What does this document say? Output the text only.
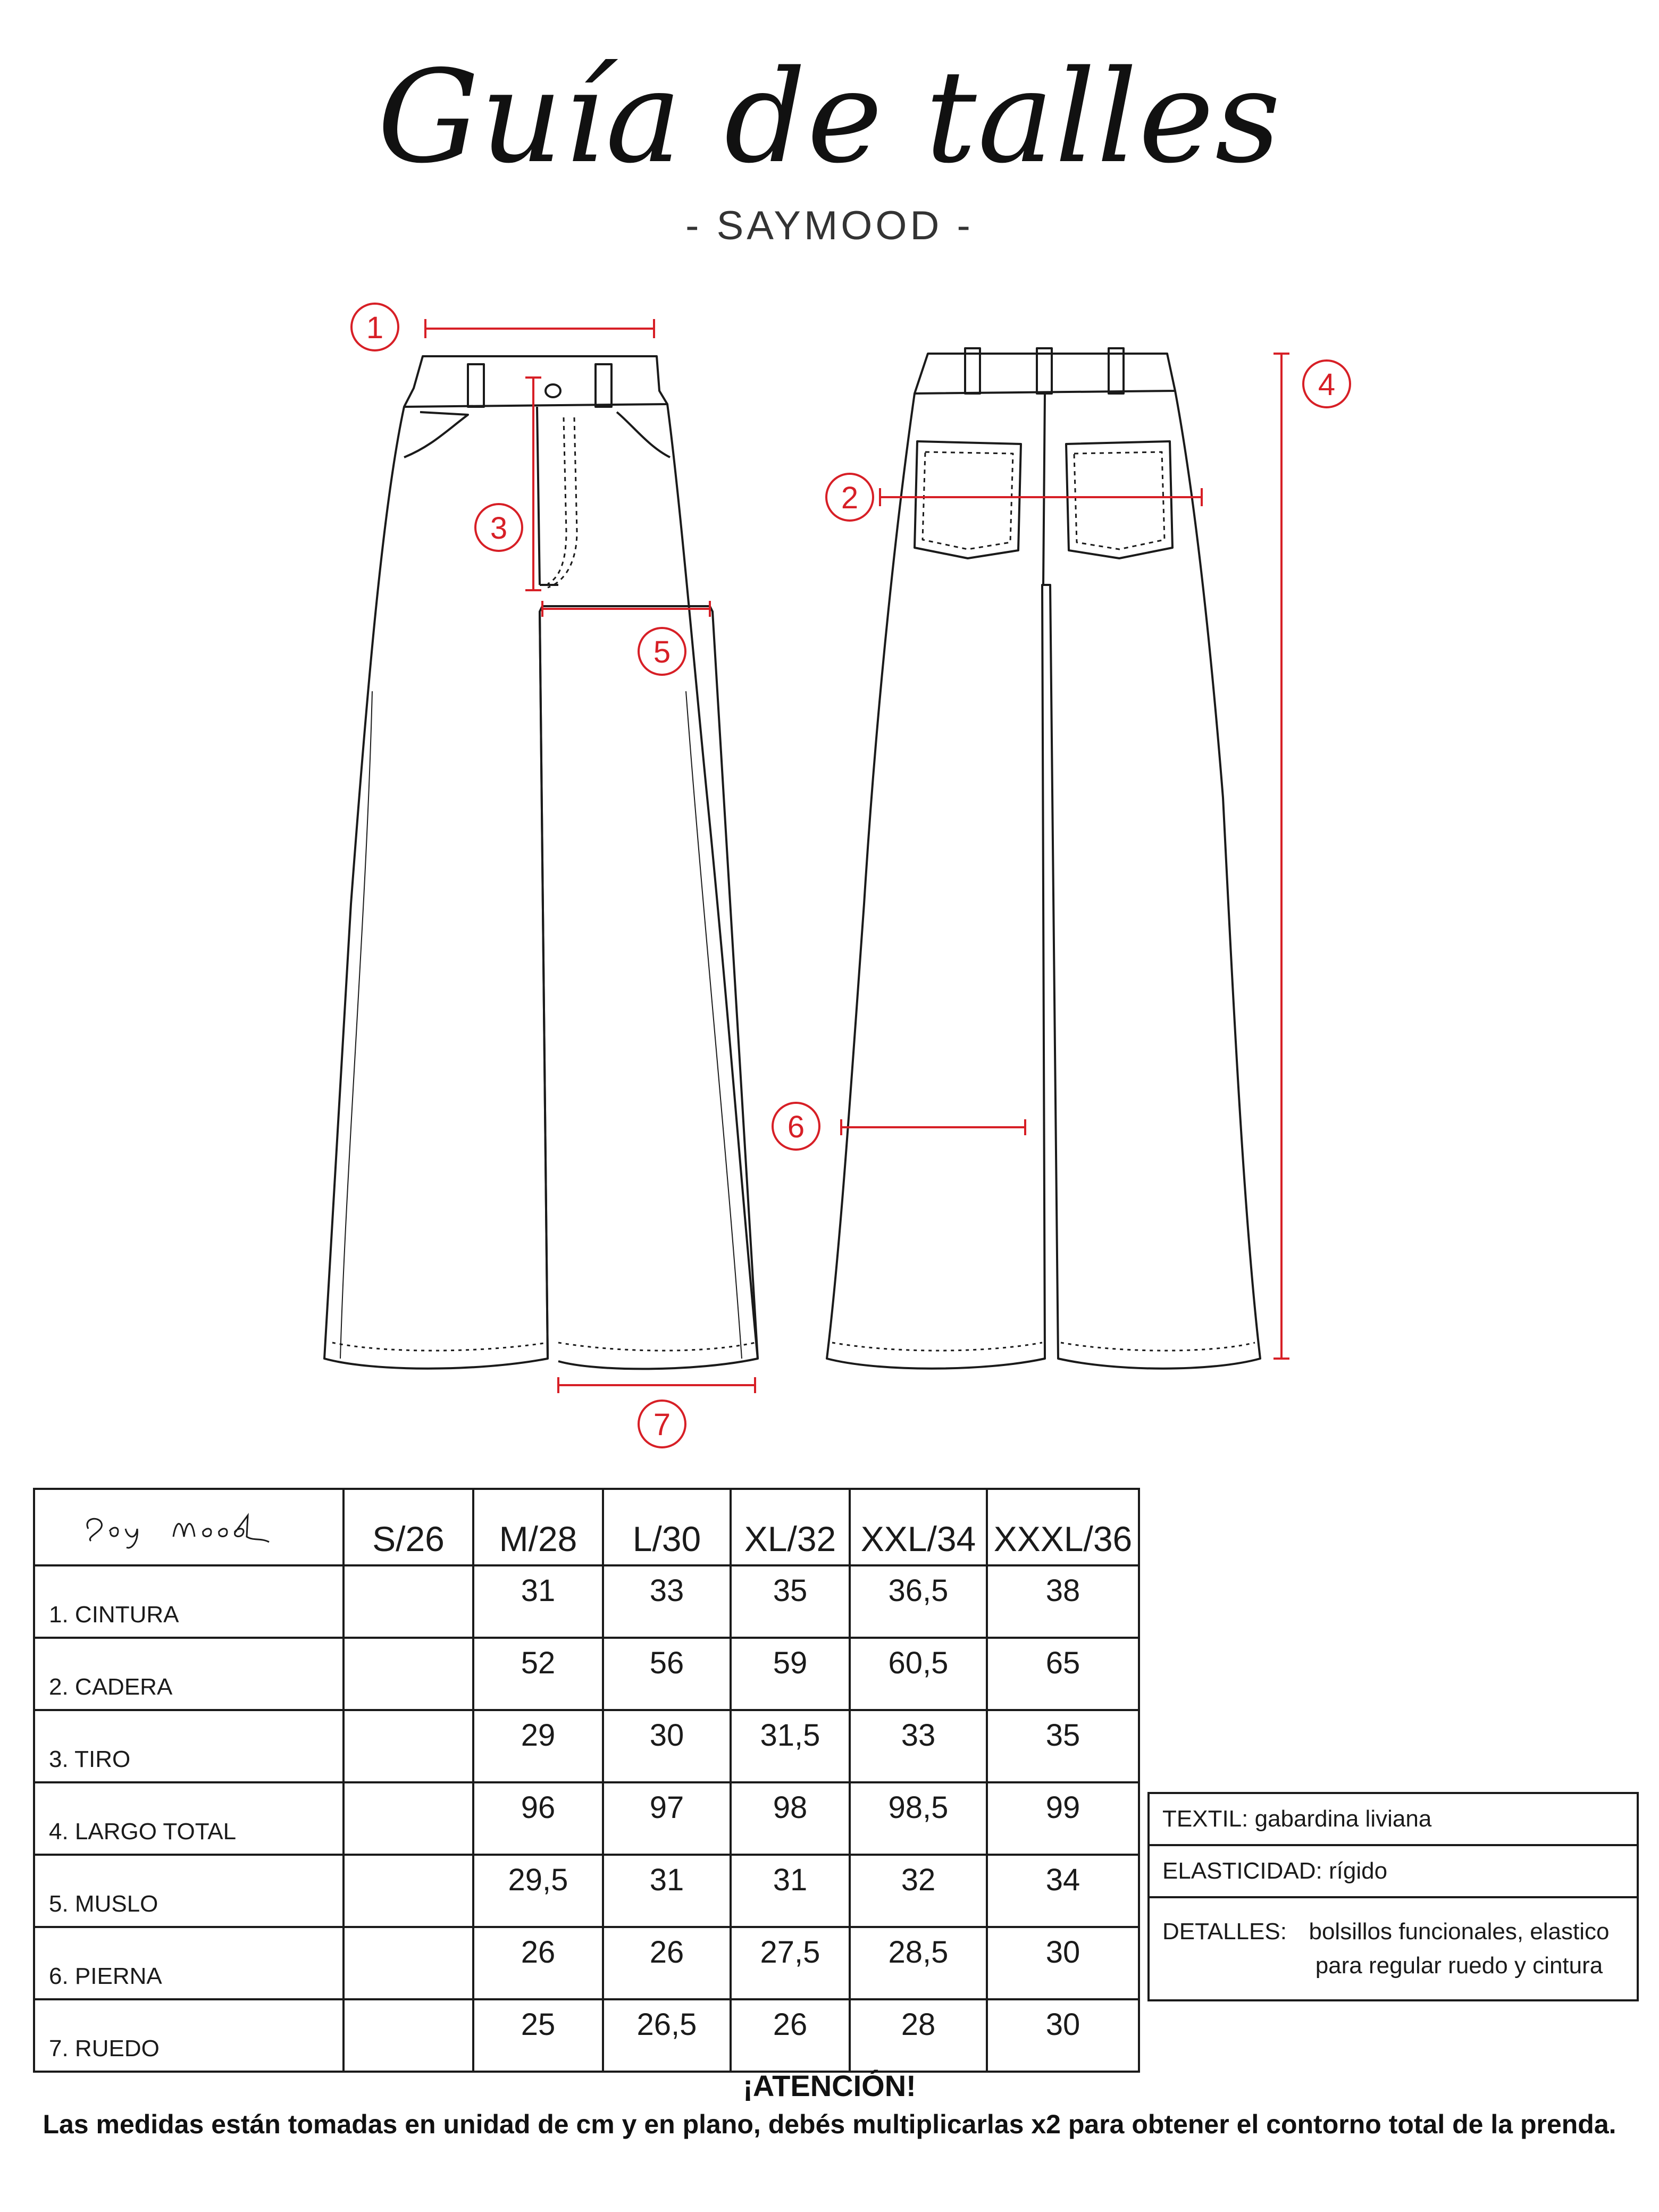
Guía de talles
- SAYMOOD -
1
2
3
4
5
6
7
	S/26	M/28	L/30	XL/32	XXL/34	XXXL/36
1. CINTURA		31	33	35	36,5	38
2. CADERA		52	56	59	60,5	65
3. TIRO		29	30	31,5	33	35
4. LARGO TOTAL		96	97	98	98,5	99
5. MUSLO		29,5	31	31	32	34
6. PIERNA		26	26	27,5	28,5	30
7. RUEDO		25	26,5	26	28	30
TEXTIL: gabardina liviana
ELASTICIDAD: rígido

DETALLES: bolsillos funcionales, elastico
para regular ruedo y cintura
¡ATENCIÓN!
Las medidas están tomadas en unidad de cm y en plano, debés multiplicarlas x2 para obtener el contorno total de la prenda.
